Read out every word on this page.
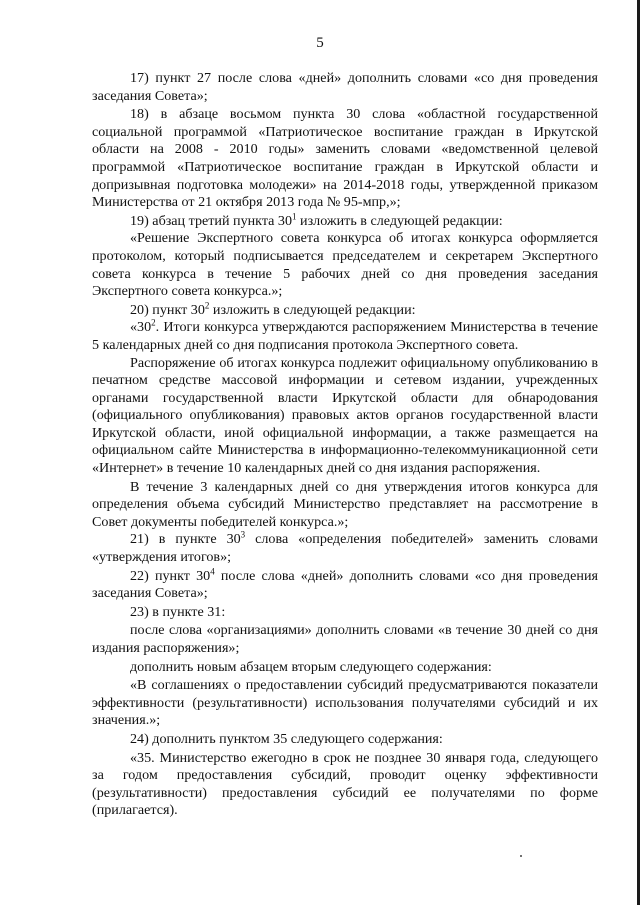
5

17) пункт 27 после слова «дней» дополнить словами «со дня проведения заседания Совета»;

18) в абзаце восьмом пункта 30 слова «областной государственной социальной программой «Патриотическое воспитание граждан в Иркутской области на 2008 - 2010 годы» заменить словами «ведомственной целевой программой «Патриотическое воспитание граждан в Иркутской области и допризывная подготовка молодежи» на 2014-2018 годы, утвержденной приказом Министерства от 21 октября 2013 года № 95-мпр,»;

19) абзац третий пункта $30^1$ изложить в следующей редакции:

«Решение Экспертного совета конкурса об итогах конкурса оформляется протоколом, который подписывается председателем и секретарем Экспертного совета конкурса в течение 5 рабочих дней со дня проведения заседания Экспертного совета конкурса.»;

20) пункт $30^2$ изложить в следующей редакции:

«$30^2$. Итоги конкурса утверждаются распоряжением Министерства в течение 5 календарных дней со дня подписания протокола Экспертного совета.

Распоряжение об итогах конкурса подлежит официальному опубликованию в печатном средстве массовой информации и сетевом издании, учрежденных органами государственной власти Иркутской области для обнародования (официального опубликования) правовых актов органов государственной власти Иркутской области, иной официальной информации, а также размещается на официальном сайте Министерства в информационно-телекоммуникационной сети «Интернет» в течение 10 календарных дней со дня издания распоряжения.

В течение 3 календарных дней со дня утверждения итогов конкурса для определения объема субсидий Министерство представляет на рассмотрение в Совет документы победителей конкурса.»;

21) в пункте $30^3$ слова «определения победителей» заменить словами «утверждения итогов»;

22) пункт $30^4$ после слова «дней» дополнить словами «со дня проведения заседания Совета»;

23) в пункте 31:

после слова «организациями» дополнить словами «в течение 30 дней со дня издания распоряжения»;

дополнить новым абзацем вторым следующего содержания:

«В соглашениях о предоставлении субсидий предусматриваются показатели эффективности (результативности) использования получателями субсидий и их значения.»;

24) дополнить пунктом 35 следующего содержания:

«35. Министерство ежегодно в срок не позднее 30 января года, следующего за годом предоставления субсидий, проводит оценку эффективности (результативности) предоставления субсидий ее получателями по форме (прилагается).
